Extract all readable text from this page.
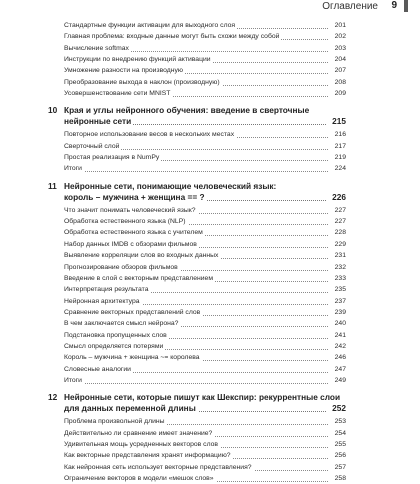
Оглавление 9
Стандартные функции активации для выходного слоя	201
Главная проблема: входные данные могут быть схожи между собой	202
Вычисление softmax	203
Инструкции по внедрению функций активации	204
Умножение разности на производную	207
Преобразование выхода в наклон (производную)	208
Усовершенствование сети MNIST	209
10 Края и углы нейронного обучения: введение в сверточные
нейронные сети	215
Повторное использование весов в нескольких местах	216
Сверточный слой	217
Простая реализация в NumPy	219
Итоги	224
11 Нейронные сети, понимающие человеческий язык:
король – мужчина + женщина == ?	226
Что значит понимать человеческий язык?	227
Обработка естественного языка (NLP)	227
Обработка естественного языка с учителем	228
Набор данных IMDB с обзорами фильмов	229
Выявление корреляции слов во входных данных	231
Прогнозирование обзоров фильмов	232
Введение в слой с векторным представлением	233
Интерпретация результата	235
Нейронная архитектура	237
Сравнение векторных представлений слов	239
В чем заключается смысл нейрона?	240
Подстановка пропущенных слов	241
Смысл определяется потерями	242
Король – мужчина + женщина ~= королева	246
Словесные аналогии	247
Итоги	249
12 Нейронные сети, которые пишут как Шекспир: рекуррентные слои
для данных переменной длины	252
Проблема произвольной длины	253
Действительно ли сравнение имеет значение?	254
Удивительная мощь усредненных векторов слов	255
Как векторные представления хранят информацию?	256
Как нейронная сеть использует векторные представления?	257
Ограничение векторов в модели «мешок слов»	258
